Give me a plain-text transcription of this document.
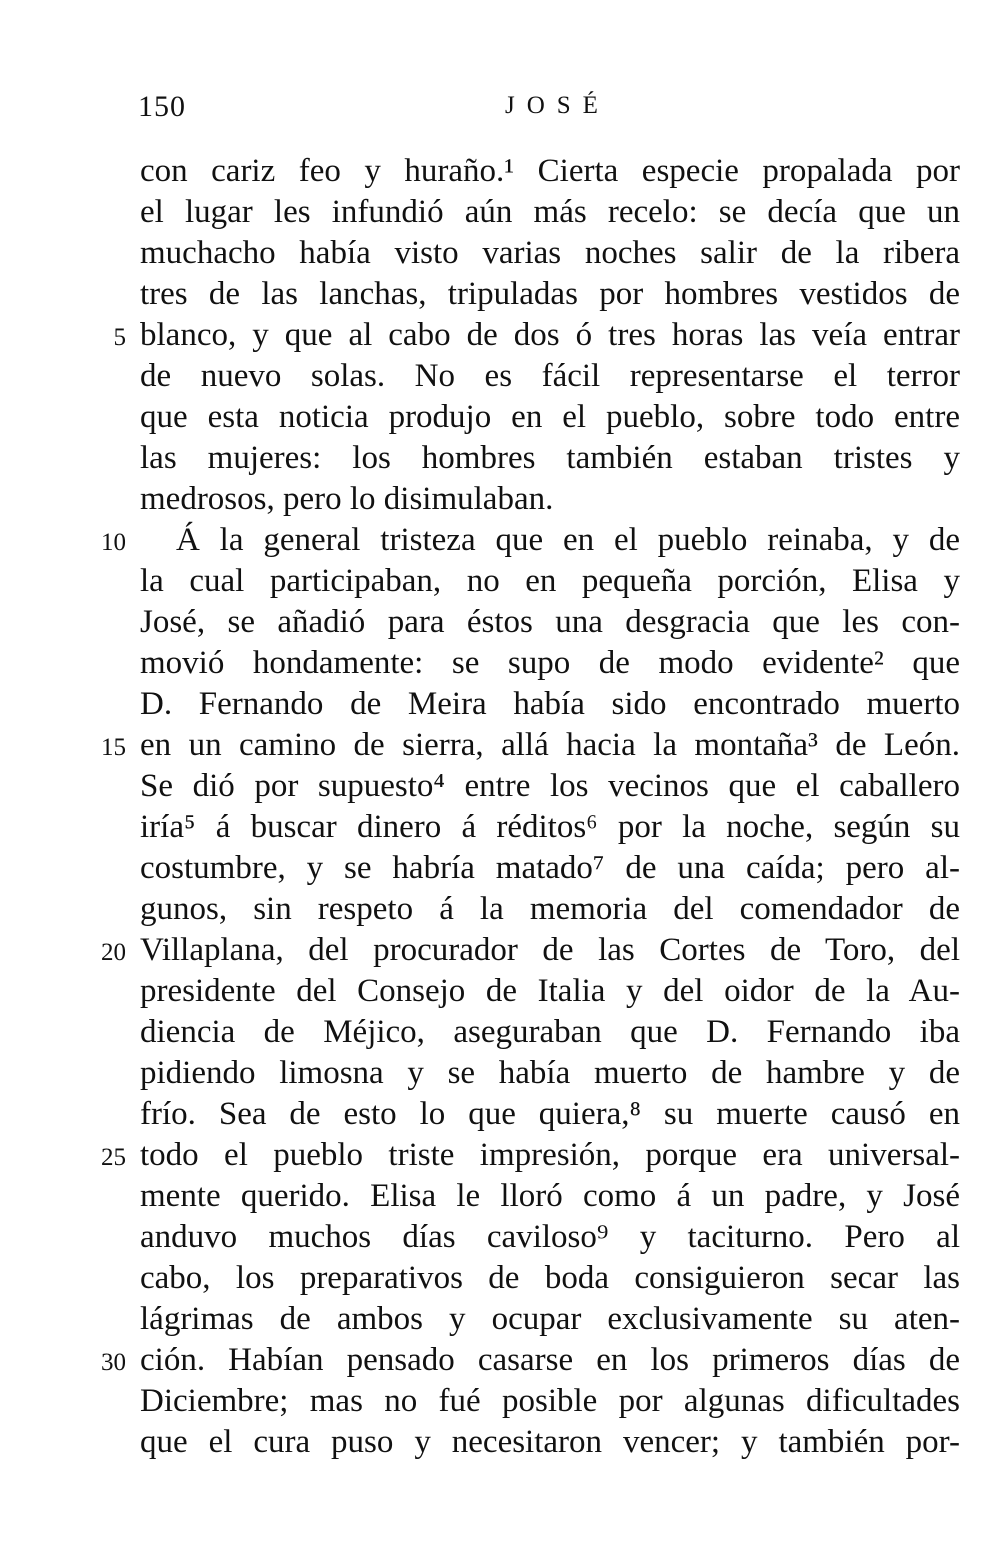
150	JOSÉ
con cariz feo y huraño.¹ Cierta especie propalada por
el lugar les infundió aún más recelo: se decía que un
muchacho había visto varias noches salir de la ribera
tres de las lanchas, tripuladas por hombres vestidos de
5 blanco, y que al cabo de dos ó tres horas las veía entrar
de nuevo solas. No es fácil representarse el terror
que esta noticia produjo en el pueblo, sobre todo entre
las mujeres: los hombres también estaban tristes y
medrosos, pero lo disimulaban.
10	Á la general tristeza que en el pueblo reinaba, y de
la cual participaban, no en pequeña porción, Elisa y
José, se añadió para éstos una desgracia que les con-
movió hondamente: se supo de modo evidente² que
D. Fernando de Meira había sido encontrado muerto
15 en un camino de sierra, allá hacia la montaña³ de León.
Se dió por supuesto⁴ entre los vecinos que el caballero
iría⁵ á buscar dinero á réditos⁶ por la noche, según su
costumbre, y se habría matado⁷ de una caída; pero al-
gunos, sin respeto á la memoria del comendador de
20 Villaplana, del procurador de las Cortes de Toro, del
presidente del Consejo de Italia y del oidor de la Au-
diencia de Méjico, aseguraban que D. Fernando iba
pidiendo limosna y se había muerto de hambre y de
frío. Sea de esto lo que quiera,⁸ su muerte causó en
25 todo el pueblo triste impresión, porque era universal-
mente querido. Elisa le lloró como á un padre, y José
anduvo muchos días caviloso⁹ y taciturno. Pero al
cabo, los preparativos de boda consiguieron secar las
lágrimas de ambos y ocupar exclusivamente su aten-
30 ción. Habían pensado casarse en los primeros días de
Diciembre; mas no fué posible por algunas dificultades
que el cura puso y necesitaron vencer; y también por-
